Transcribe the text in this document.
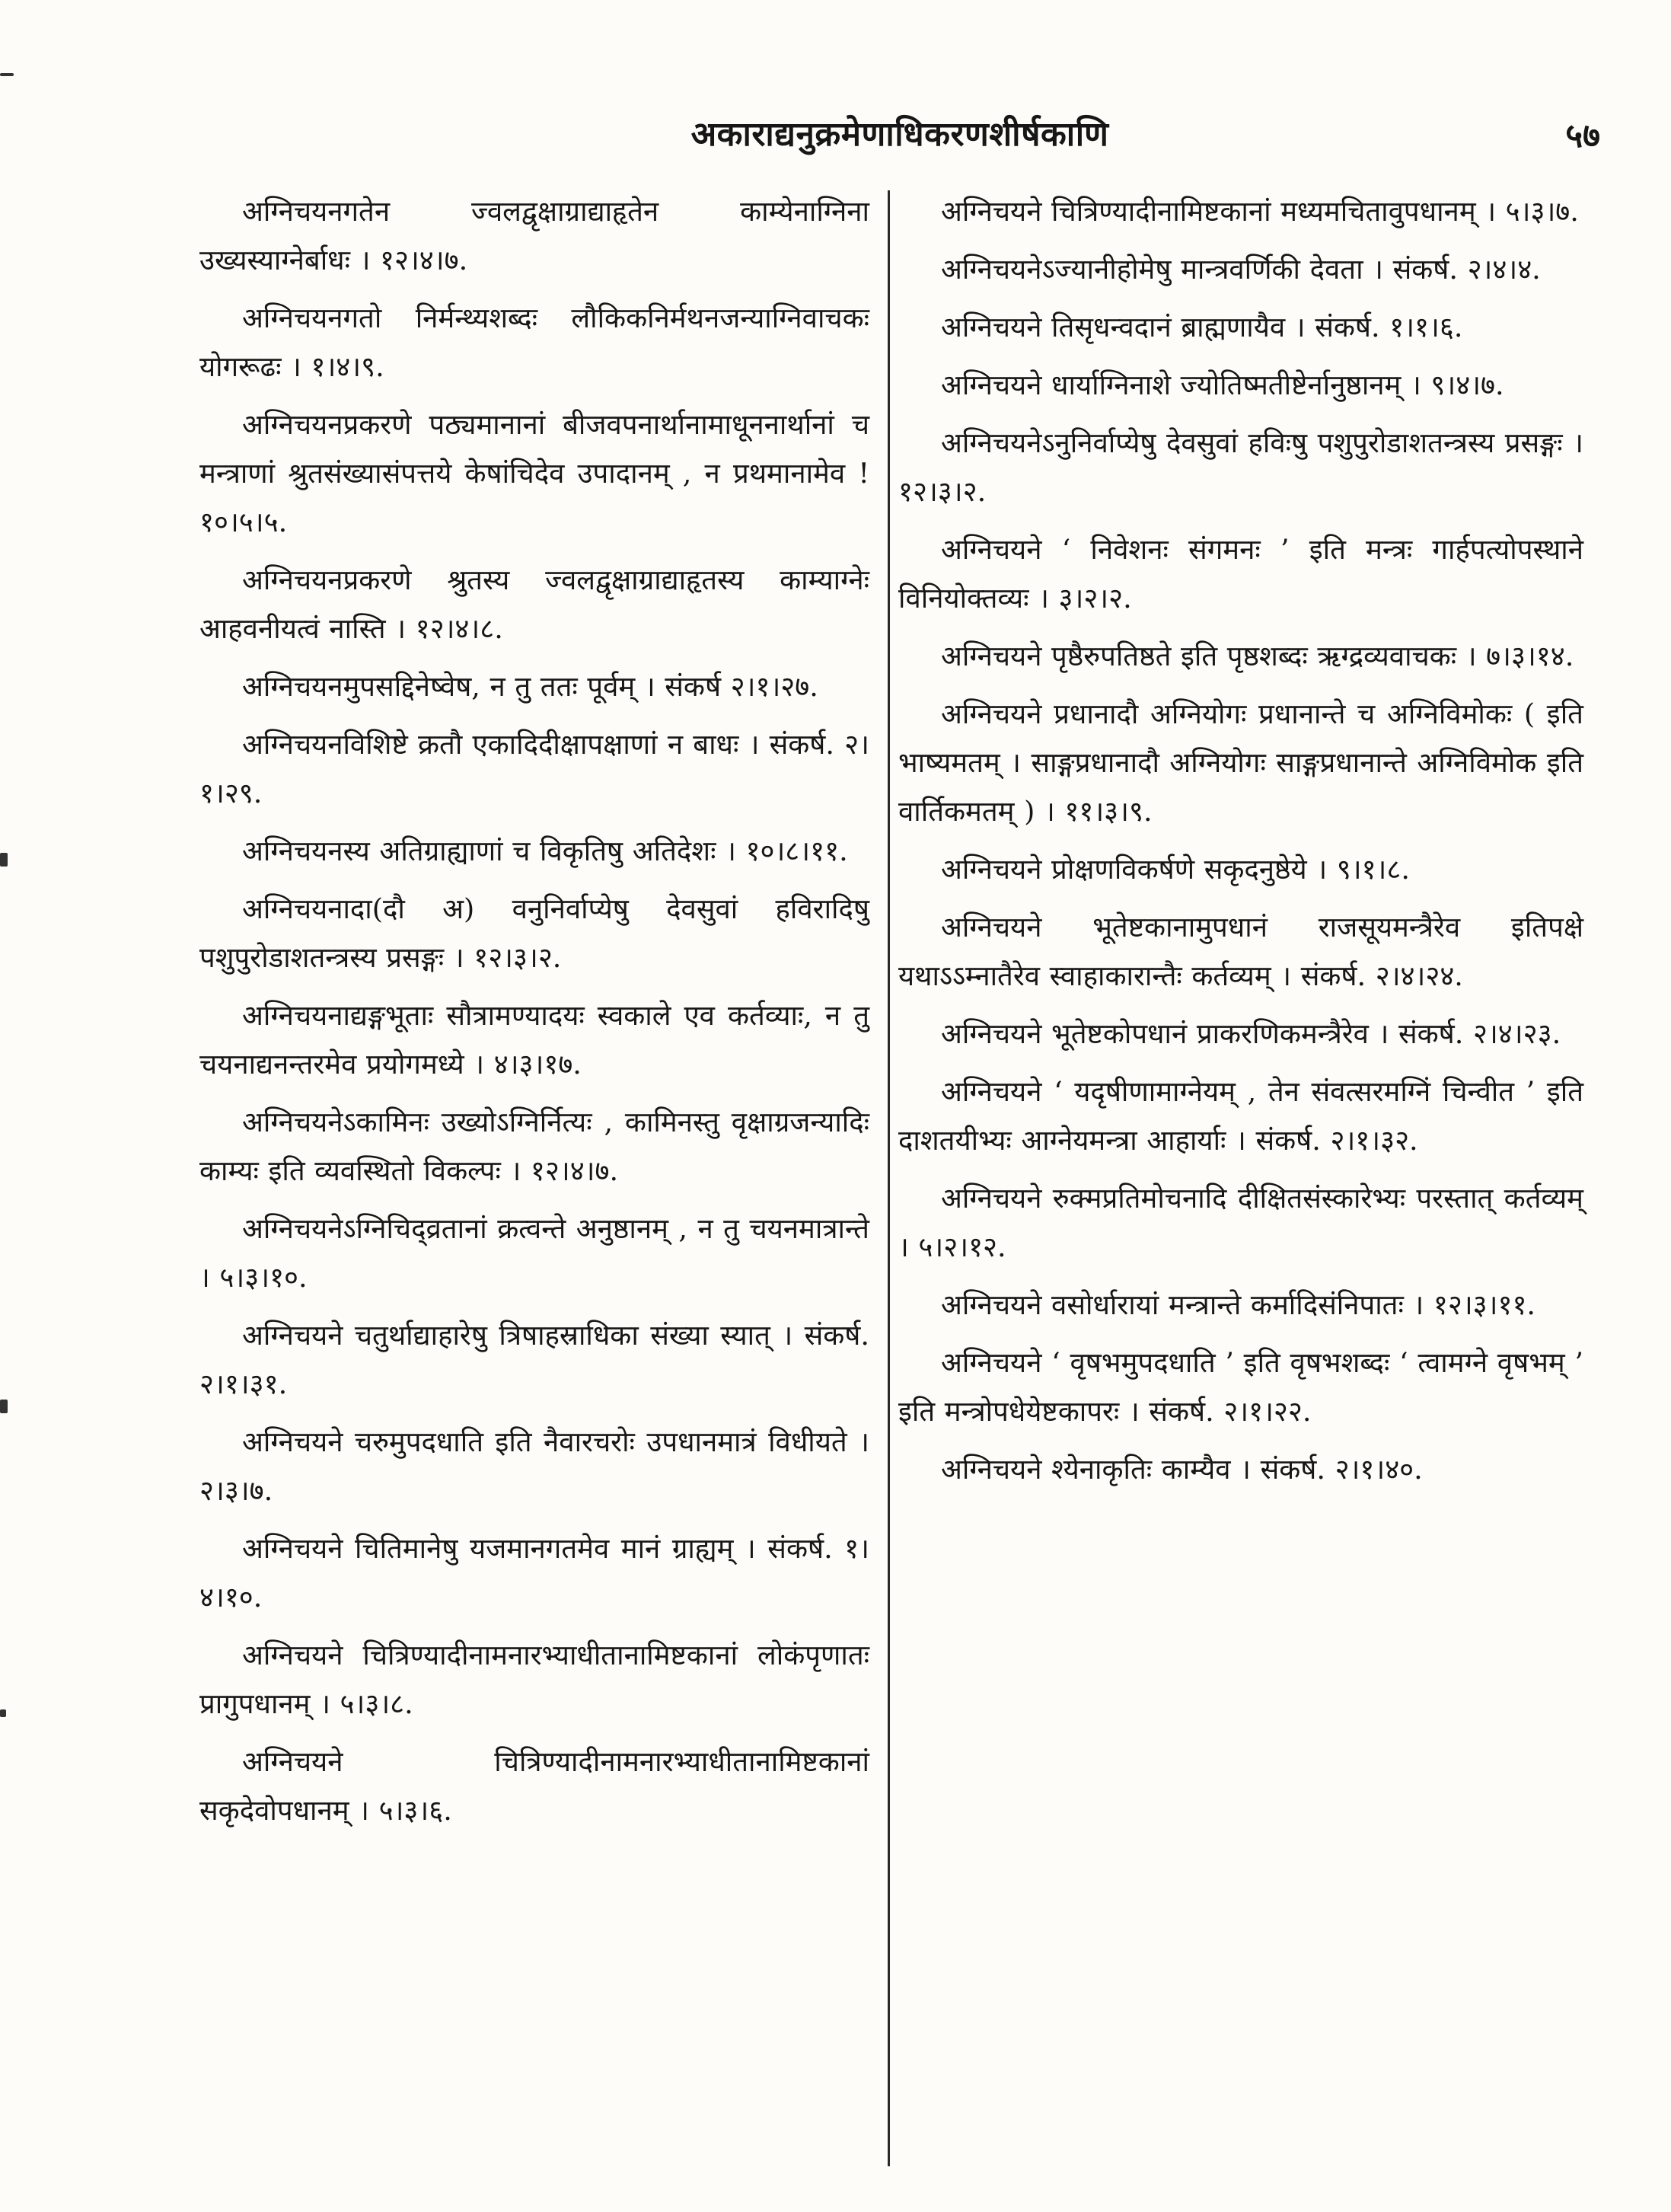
अकाराद्यनुक्रमेणाधिकरणशीर्षकाणि	५७

अग्निचयनगतेन ज्वलद्वृक्षाग्राद्याहृतेन काम्येनाग्निना उख्यस्याग्नेर्बाधः । १२।४।७.

अग्निचयनगतो निर्मन्थ्यशब्दः लौकिकनिर्मथनजन्याग्निवाचकः योगरूढः । १।४।९.

अग्निचयनप्रकरणे पठ्यमानानां बीजवपनार्थानामाधूननार्थानां च मन्त्राणां श्रुतसंख्यासंपत्तये केषांचिदेव उपादानम् , न प्रथमानामेव ! १०।५।५.

अग्निचयनप्रकरणे श्रुतस्य ज्वलद्वृक्षाग्राद्याहृतस्य काम्याग्नेः आहवनीयत्वं नास्ति । १२।४।८.

अग्निचयनमुपसद्दिनेष्वेष, न तु ततः पूर्वम् । संकर्ष २।१।२७.

अग्निचयनविशिष्टे क्रतौ एकादिदीक्षापक्षाणां न बाधः । संकर्ष. २।१।२९.

अग्निचयनस्य अतिग्राह्याणां च विकृतिषु अतिदेशः । १०।८।११.

अग्निचयनादा(दौ अ) वनुनिर्वाप्येषु देवसुवां हविरादिषु पशुपुरोडाशतन्त्रस्य प्रसङ्गः । १२।३।२.

अग्निचयनाद्यङ्गभूताः सौत्रामण्यादयः स्वकाले एव कर्तव्याः, न तु चयनाद्यनन्तरमेव प्रयोगमध्ये । ४।३।१७.

अग्निचयनेऽकामिनः उख्योऽग्निर्नित्यः , कामिनस्तु वृक्षाग्रजन्यादिः काम्यः इति व्यवस्थितो विकल्पः । १२।४।७.

अग्निचयनेऽग्निचिद्व्रतानां क्रत्वन्ते अनुष्ठानम् , न तु चयनमात्रान्ते । ५।३।१०.

अग्निचयने चतुर्थाद्याहारेषु त्रिषाहस्राधिका संख्या स्यात् । संकर्ष. २।१।३१.

अग्निचयने चरुमुपदधाति इति नैवारचरोः उपधानमात्रं विधीयते । २।३।७.

अग्निचयने चितिमानेषु यजमानगतमेव मानं ग्राह्यम् । संकर्ष. १।४।१०.

अग्निचयने चित्रिण्यादीनामनारभ्याधीतानामिष्टकानां लोकंपृणातः प्रागुपधानम् । ५।३।८.

अग्निचयने चित्रिण्यादीनामनारभ्याधीतानामिष्टकानां सकृदेवोपधानम् । ५।३।६.

अग्निचयने चित्रिण्यादीनामिष्टकानां मध्यमचितावुपधानम् । ५।३।७.

अग्निचयनेऽज्यानीहोमेषु मान्त्रवर्णिकी देवता । संकर्ष. २।४।४.

अग्निचयने तिसृधन्वदानं ब्राह्मणायैव । संकर्ष. १।१।६.

अग्निचयने धार्याग्निनाशे ज्योतिष्मतीष्टेर्नानुष्ठानम् । ९।४।७.

अग्निचयनेऽनुनिर्वाप्येषु देवसुवां हविःषु पशुपुरोडाशतन्त्रस्य प्रसङ्गः । १२।३।२.

अग्निचयने ‘ निवेशनः संगमनः ’ इति मन्त्रः गार्हपत्योपस्थाने विनियोक्तव्यः । ३।२।२.

अग्निचयने पृष्ठैरुपतिष्ठते इति पृष्ठशब्दः ऋग्द्रव्यवाचकः । ७।३।१४.

अग्निचयने प्रधानादौ अग्नियोगः प्रधानान्ते च अग्निविमोकः ( इति भाष्यमतम् । साङ्गप्रधानादौ अग्नियोगः साङ्गप्रधानान्ते अग्निविमोक इति वार्तिकमतम् ) । ११।३।९.

अग्निचयने प्रोक्षणविकर्षणे सकृदनुष्ठेये । ९।१।८.

अग्निचयने भूतेष्टकानामुपधानं राजसूयमन्त्रैरेव इतिपक्षे यथाऽऽम्नातैरेव स्वाहाकारान्तैः कर्तव्यम् । संकर्ष. २।४।२४.

अग्निचयने भूतेष्टकोपधानं प्राकरणिकमन्त्रैरेव । संकर्ष. २।४।२३.

अग्निचयने ‘ यदृषीणामाग्नेयम् , तेन संवत्सरमग्निं चिन्वीत ’ इति दाशतयीभ्यः आग्नेयमन्त्रा आहार्याः । संकर्ष. २।१।३२.

अग्निचयने रुक्मप्रतिमोचनादि दीक्षितसंस्कारेभ्यः परस्तात् कर्तव्यम् । ५।२।१२.

अग्निचयने वसोर्धारायां मन्त्रान्ते कर्मादिसंनिपातः । १२।३।११.

अग्निचयने ‘ वृषभमुपदधाति ’ इति वृषभशब्दः ‘ त्वामग्ने वृषभम् ’ इति मन्त्रोपधेयेष्टकापरः । संकर्ष. २।१।२२.

अग्निचयने श्येनाकृतिः काम्यैव । संकर्ष. २।१।४०.
